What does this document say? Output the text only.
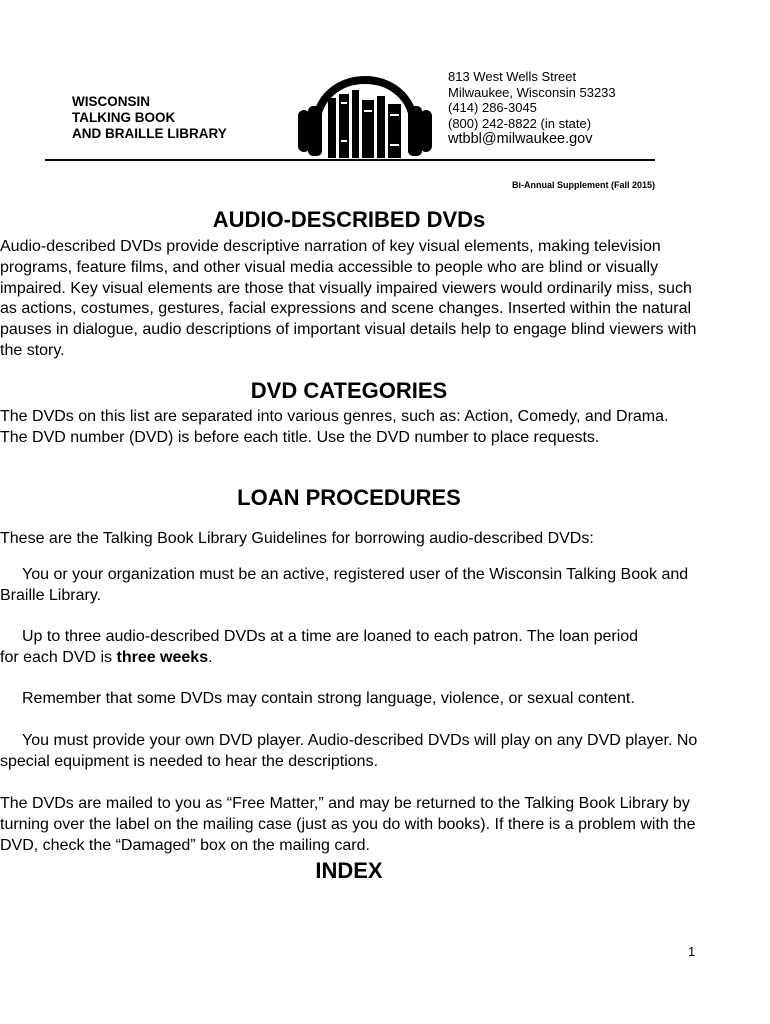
WISCONSIN
TALKING BOOK
AND BRAILLE LIBRARY
813 West Wells Street
Milwaukee, Wisconsin 53233
(414) 286-3045
(800) 242-8822 (in state)
wtbbl@milwaukee.gov
Bi-Annual Supplement (Fall 2015)
AUDIO-DESCRIBED DVDs

Audio-described DVDs provide descriptive narration of key visual elements, making television programs, feature films, and other visual media accessible to people who are blind or visually impaired. Key visual elements are those that visually impaired viewers would ordinarily miss, such as actions, costumes, gestures, facial expressions and scene changes. Inserted within the natural pauses in dialogue, audio descriptions of important visual details help to engage blind viewers with the story.

DVD CATEGORIES

The DVDs on this list are separated into various genres, such as: Action, Comedy, and Drama. The DVD number (DVD) is before each title. Use the DVD number to place requests.

LOAN PROCEDURES

These are the Talking Book Library Guidelines for borrowing audio-described DVDs:

You or your organization must be an active, registered user of the Wisconsin Talking Book and Braille Library.

Up to three audio-described DVDs at a time are loaned to each patron. The loan period for each DVD is three weeks.

Remember that some DVDs may contain strong language, violence, or sexual content.

You must provide your own DVD player. Audio-described DVDs will play on any DVD player. No special equipment is needed to hear the descriptions.

The DVDs are mailed to you as “Free Matter,” and may be returned to the Talking Book Library by turning over the label on the mailing case (just as you do with books). If there is a problem with the DVD, check the “Damaged” box on the mailing card.

INDEX
1
